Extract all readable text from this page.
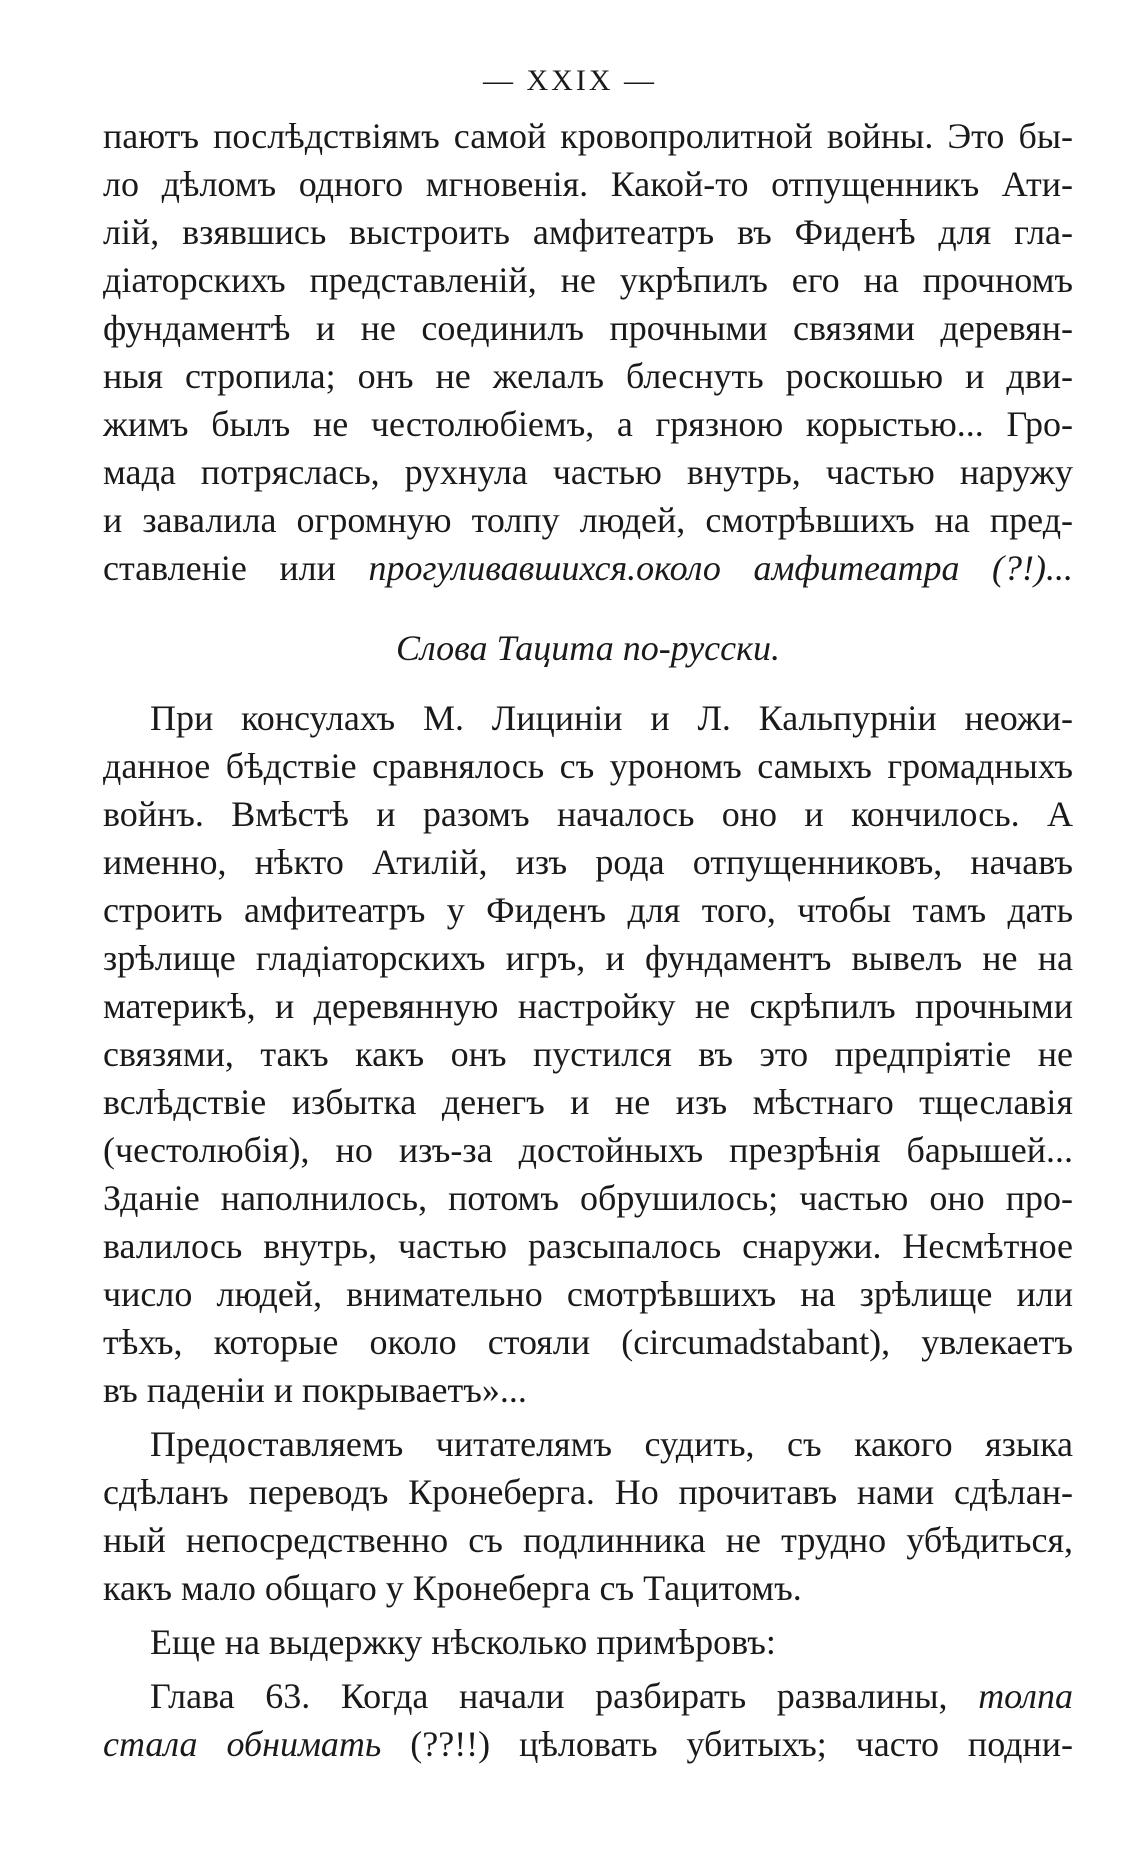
— XXIX —
паютъ послѣдствіямъ самой кровопролитной войны. Это бы-
ло дѣломъ одного мгновенія. Какой-то отпущенникъ Ати-
лій, взявшись выстроить амфитеатръ въ Фиденѣ для гла-
діаторскихъ представленій, не укрѣпилъ его на прочномъ
фундаментѣ и не соединилъ прочными связями деревян-
ныя стропила; онъ не желалъ блеснуть роскошью и дви-
жимъ былъ не честолюбіемъ, а грязною корыстью... Гро-
мада потряслась, рухнула частью внутрь, частью наружу
и завалила огромную толпу людей, смотрѣвшихъ на пред-
ставленіе или прогуливавшихся.около амфитеатра (?!)...
Слова Тацита по-русски.
При консулахъ М. Лициніи и Л. Кальпурніи неожи-
данное бѣдствіе сравнялось съ урономъ самыхъ громадныхъ
войнъ. Вмѣстѣ и разомъ началось оно и кончилось. А
именно, нѣкто Атилій, изъ рода отпущенниковъ, начавъ
строить амфитеатръ у Фиденъ для того, чтобы тамъ дать
зрѣлище гладіаторскихъ игръ, и фундаментъ вывелъ не на
материкѣ, и деревянную настройку не скрѣпилъ прочными
связями, такъ какъ онъ пустился въ это предпріятіе не
вслѣдствіе избытка денегъ и не изъ мѣстнаго тщеславія
(честолюбія), но изъ-за достойныхъ презрѣнія барышей...
Зданіе наполнилось, потомъ обрушилось; частью оно про-
валилось внутрь, частью разсыпалось снаружи. Несмѣтное
число людей, внимательно смотрѣвшихъ на зрѣлище или
тѣхъ, которые около стояли (circumadstabant), увлекаетъ
въ паденіи и покрываетъ»...
Предоставляемъ читателямъ судить, съ какого языка
сдѣланъ переводъ Кронеберга. Но прочитавъ нами сдѣлан-
ный непосредственно съ подлинника не трудно убѣдиться,
какъ мало общаго у Кронеберга съ Тацитомъ.
Еще на выдержку нѣсколько примѣровъ:
Глава 63. Когда начали разбирать развалины, толпа
стала обнимать (??!!) цѣловать убитыхъ; часто подни-
